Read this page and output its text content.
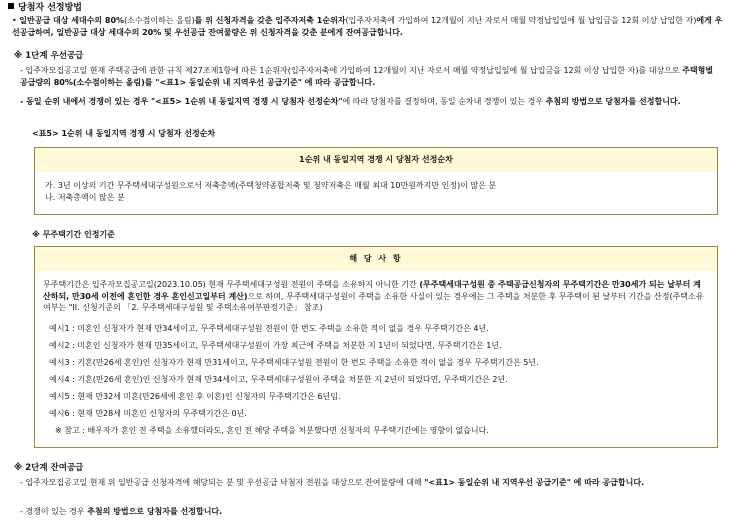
당첨자 선정방법
• 일반공급 대상 세대수의 80%(소수점이하는 올림)를 위 신청자격을 갖춘 입주자저축 1순위자(입주자저축에 가입하여 12개월이 지난 자로서 매월 약정납입일에 월 납입금을 12회 이상 납입한 자)에게 우선공급하여, 일반공급 대상 세대수의 20% 및 우선공급 잔여물량은 위 신청자격을 갖춘 분에게 잔여공급합니다.
※ 1단계 우선공급
- 입주자모집공고일 현재 주택공급에 관한 규칙 제27조제1항에 따른 1순위자(입주자저축에 가입하여 12개월이 지난 자로서 매월 약정납입일에 월 납입금을 12회 이상 납입한 자)를 대상으로 주택형별 공급량의 80%(소수점이하는 올림)를 "<표1> 동일순위 내 지역우선 공급기준" 에 따라 공급합니다.
- 동일 순위 내에서 경쟁이 있는 경우 "<표5> 1순위 내 동일지역 경쟁 시 당첨자 선정순차"에 따라 당첨자를 결정하며, 동일 순차내 경쟁이 있는 경우 추첨의 방법으로 당첨자를 선정합니다.
<표5> 1순위 내 동일지역 경쟁 시 당첨자 선정순차
1순위 내 동일지역 경쟁 시 당첨자 선정순차
가. 3년 이상의 기간 무주택세대구성원으로서 저축총액(주택청약종합저축 및 청약저축은 매월 최대 10만원까지만 인정)이 많은 분
나. 저축총액이 많은 분
※ 무주택기간 인정기준
해 당 사 항
무주택기간은 입주자모집공고일(2023.10.05) 현재 무주택세대구성원 전원이 주택을 소유하지 아니한 기간 (무주택세대구성원 중 주택공급신청자의 무주택기간은 만30세가 되는 날부터 계산하되, 만30세 이전에 혼인한 경우 혼인신고일부터 계산)으로 하며, 무주택세대구성원이 주택을 소유한 사실이 있는 경우에는 그 주택을 처분한 후 무주택이 된 날부터 기간을 산정(주택소유여부는 "II. 신청기준의 「2. 무주택세대구성원 및 주택소유여부판정기준」 참조)

예시1 : 미혼인 신청자가 현재 만34세이고, 무주택세대구성원 전원이 한 번도 주택을 소유한 적이 없을 경우 무주택기간은 4년.

예시2 : 미혼인 신청자가 현재 만35세이고, 무주택세대구성원이 가장 최근에 주택을 처분한 지 1년이 되었다면, 무주택기간은 1년.

예시3 : 기혼(만26세 혼인)인 신청자가 현재 만31세이고, 무주택세대구성원 전원이 한 번도 주택을 소유한 적이 없을 경우 무주택기간은 5년.

예시4 : 기혼(만26세 혼인)인 신청자가 현재 만34세이고, 무주택세대구성원이 주택을 처분한 지 2년이 되었다면, 무주택기간은 2년.

예시5 : 현재 만32세 미혼(만26세에 혼인 후 이혼)인 신청자의 무주택기간은 6년임.

예시6 : 현재 만28세 미혼인 신청자의 무주택기간은 0년.

※ 참고 : 배우자가 혼인 전 주택을 소유했더라도, 혼인 전 해당 주택을 처분했다면 신청자의 무주택기간에는 영향이 없습니다.

※ 2단계 잔여공급
- 입주자모집공고일 현재 위 일반공급 신청자격에 해당되는 분 및 우선공급 낙첨자 전원을 대상으로 잔여물량에 대해 "<표1> 동일순위 내 지역우선 공급기준" 에 따라 공급합니다.
- 경쟁이 있는 경우 추첨의 방법으로 당첨자를 선정합니다.
